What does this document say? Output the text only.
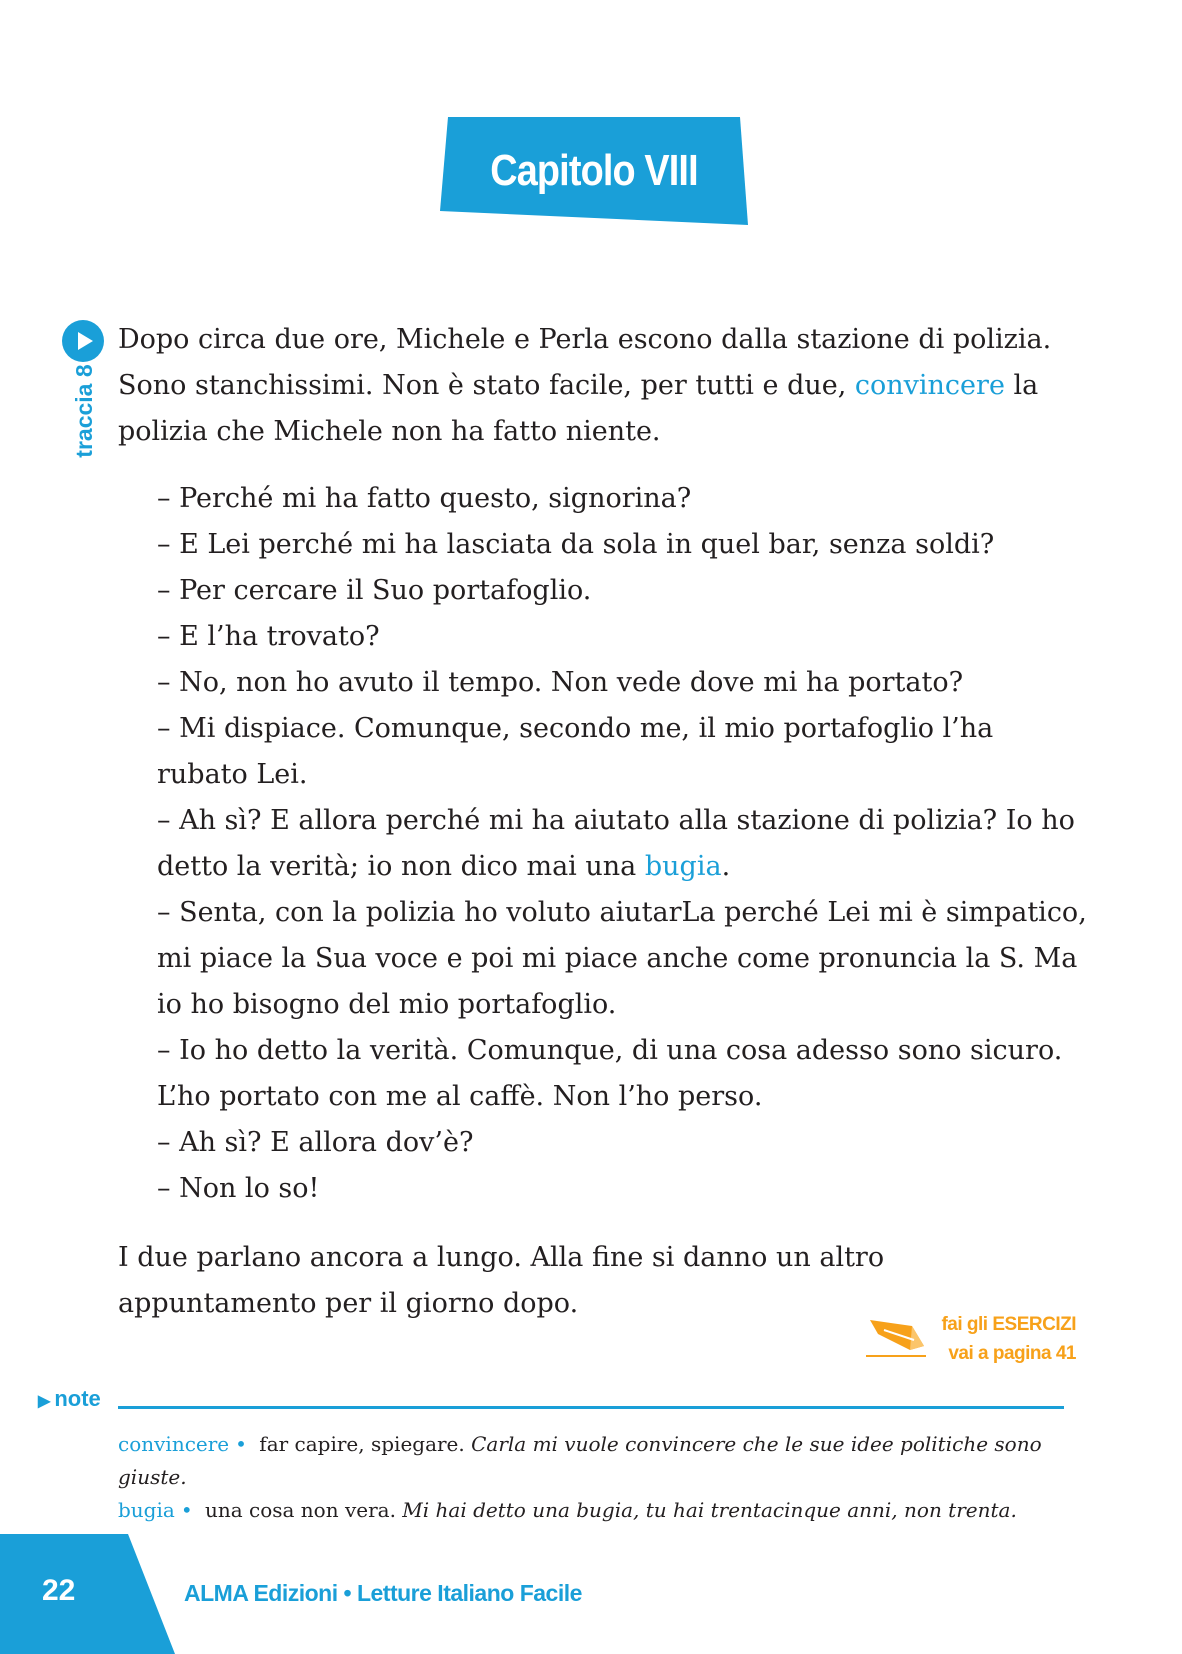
Capitolo VIII
traccia 8

Dopo circa due ore, Michele e Perla escono dalla stazione di polizia. Sono stanchissimi. Non è stato facile, per tutti e due, convincere la polizia che Michele non ha fatto niente.

– Perché mi ha fatto questo, signorina?
– E Lei perché mi ha lasciata da sola in quel bar, senza soldi?
– Per cercare il Suo portafoglio.
– E l’ha trovato?
– No, non ho avuto il tempo. Non vede dove mi ha portato?
– Mi dispiace. Comunque, secondo me, il mio portafoglio l’ha rubato Lei.
– Ah sì? E allora perché mi ha aiutato alla stazione di polizia? Io ho detto la verità; io non dico mai una bugia.
– Senta, con la polizia ho voluto aiutarLa perché Lei mi è simpatico, mi piace la Sua voce e poi mi piace anche come pronuncia la S. Ma io ho bisogno del mio portafoglio.
– Io ho detto la verità. Comunque, di una cosa adesso sono sicuro. L’ho portato con me al caffè. Non l’ho perso.
– Ah sì? E allora dov’è?
– Non lo so!

I due parlano ancora a lungo. Alla fine si danno un altro appuntamento per il giorno dopo.

fai gli ESERCIZI
vai a pagina 41
▶ note
convincere • far capire, spiegare. Carla mi vuole convincere che le sue idee politiche sono giuste.
bugia • una cosa non vera. Mi hai detto una bugia, tu hai trentacinque anni, non trenta.
22	ALMA Edizioni • Letture Italiano Facile
